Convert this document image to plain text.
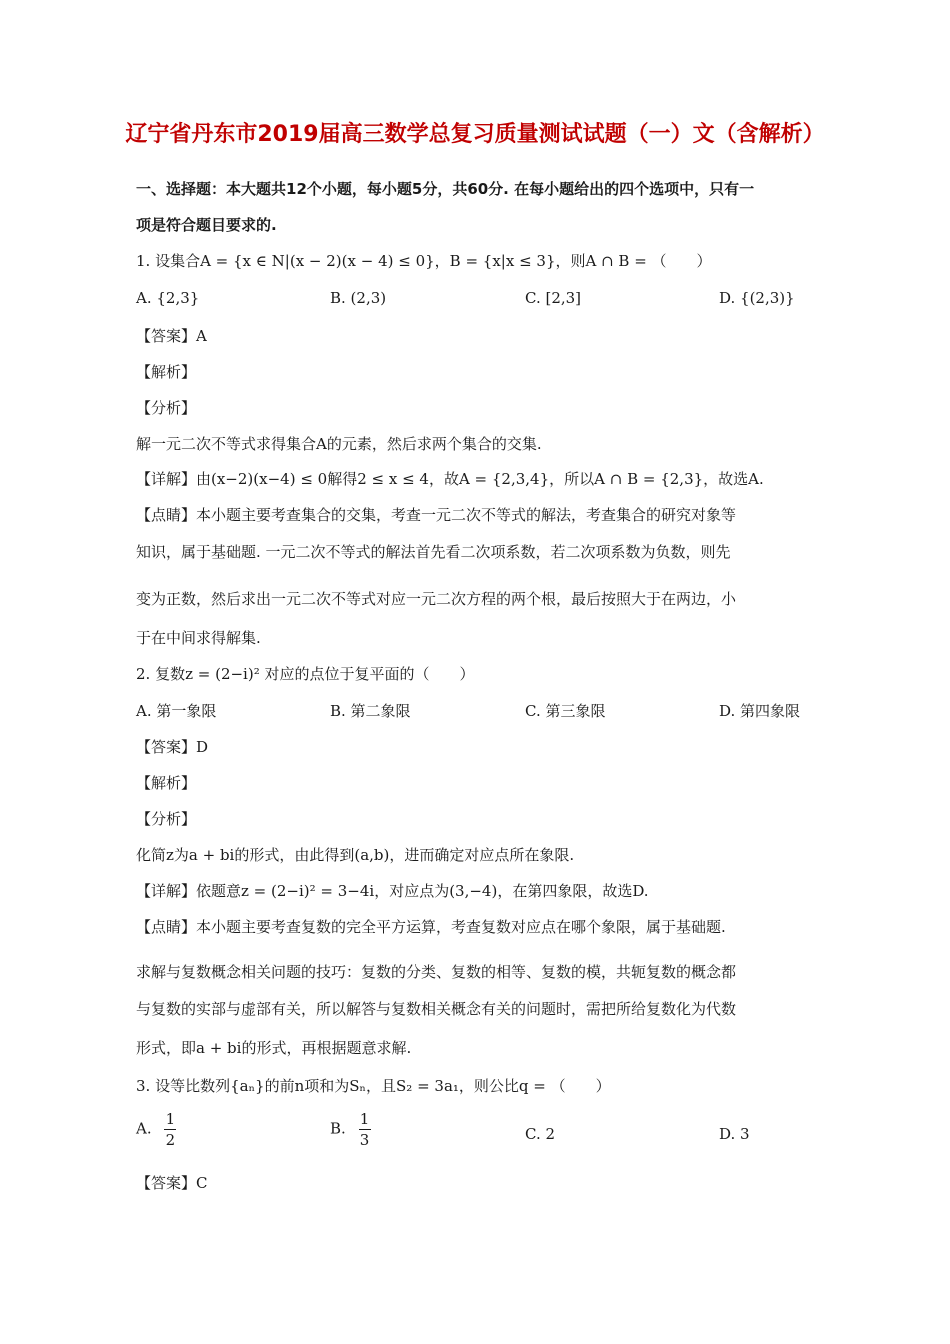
辽宁省丹东市2019届高三数学总复习质量测试试题（一）文（含解析）
一、选择题：本大题共12个小题，每小题5分，共60分. 在每小题给出的四个选项中，只有一
项是符合题目要求的.
1. 设集合A = {x ∈ N|(x − 2)(x − 4) ≤ 0}，B = {x|x ≤ 3}，则A ∩ B = （　　）
A. {2,3}	B. (2,3)	C. [2,3]	D. {(2,3)}
【答案】A
【解析】
【分析】
解一元二次不等式求得集合A的元素，然后求两个集合的交集.
【详解】由(x−2)(x−4) ≤ 0解得2 ≤ x ≤ 4，故A = {2,3,4}，所以A ∩ B = {2,3}，故选A.
【点睛】本小题主要考查集合的交集，考查一元二次不等式的解法，考查集合的研究对象等
知识，属于基础题. 一元二次不等式的解法首先看二次项系数，若二次项系数为负数，则先
变为正数，然后求出一元二次不等式对应一元二次方程的两个根，最后按照大于在两边，小
于在中间求得解集.
2. 复数z = (2−i)² 对应的点位于复平面的（　　）
A. 第一象限	B. 第二象限	C. 第三象限	D. 第四象限
【答案】D
【解析】
【分析】
化简z为a + bi的形式，由此得到(a,b)，进而确定对应点所在象限.
【详解】依题意z = (2−i)² = 3−4i，对应点为(3,−4)，在第四象限，故选D.
【点睛】本小题主要考查复数的完全平方运算，考查复数对应点在哪个象限，属于基础题.
求解与复数概念相关问题的技巧：复数的分类、复数的相等、复数的模，共轭复数的概念都
与复数的实部与虚部有关，所以解答与复数相关概念有关的问题时，需把所给复数化为代数
形式，即a + bi的形式，再根据题意求解.
3. 设等比数列{aₙ}的前n项和为Sₙ，且S₂ = 3a₁，则公比q = （　　）
A. $\frac{1}{2}$	B. $\frac{1}{3}$	C. 2	D. 3
【答案】C
